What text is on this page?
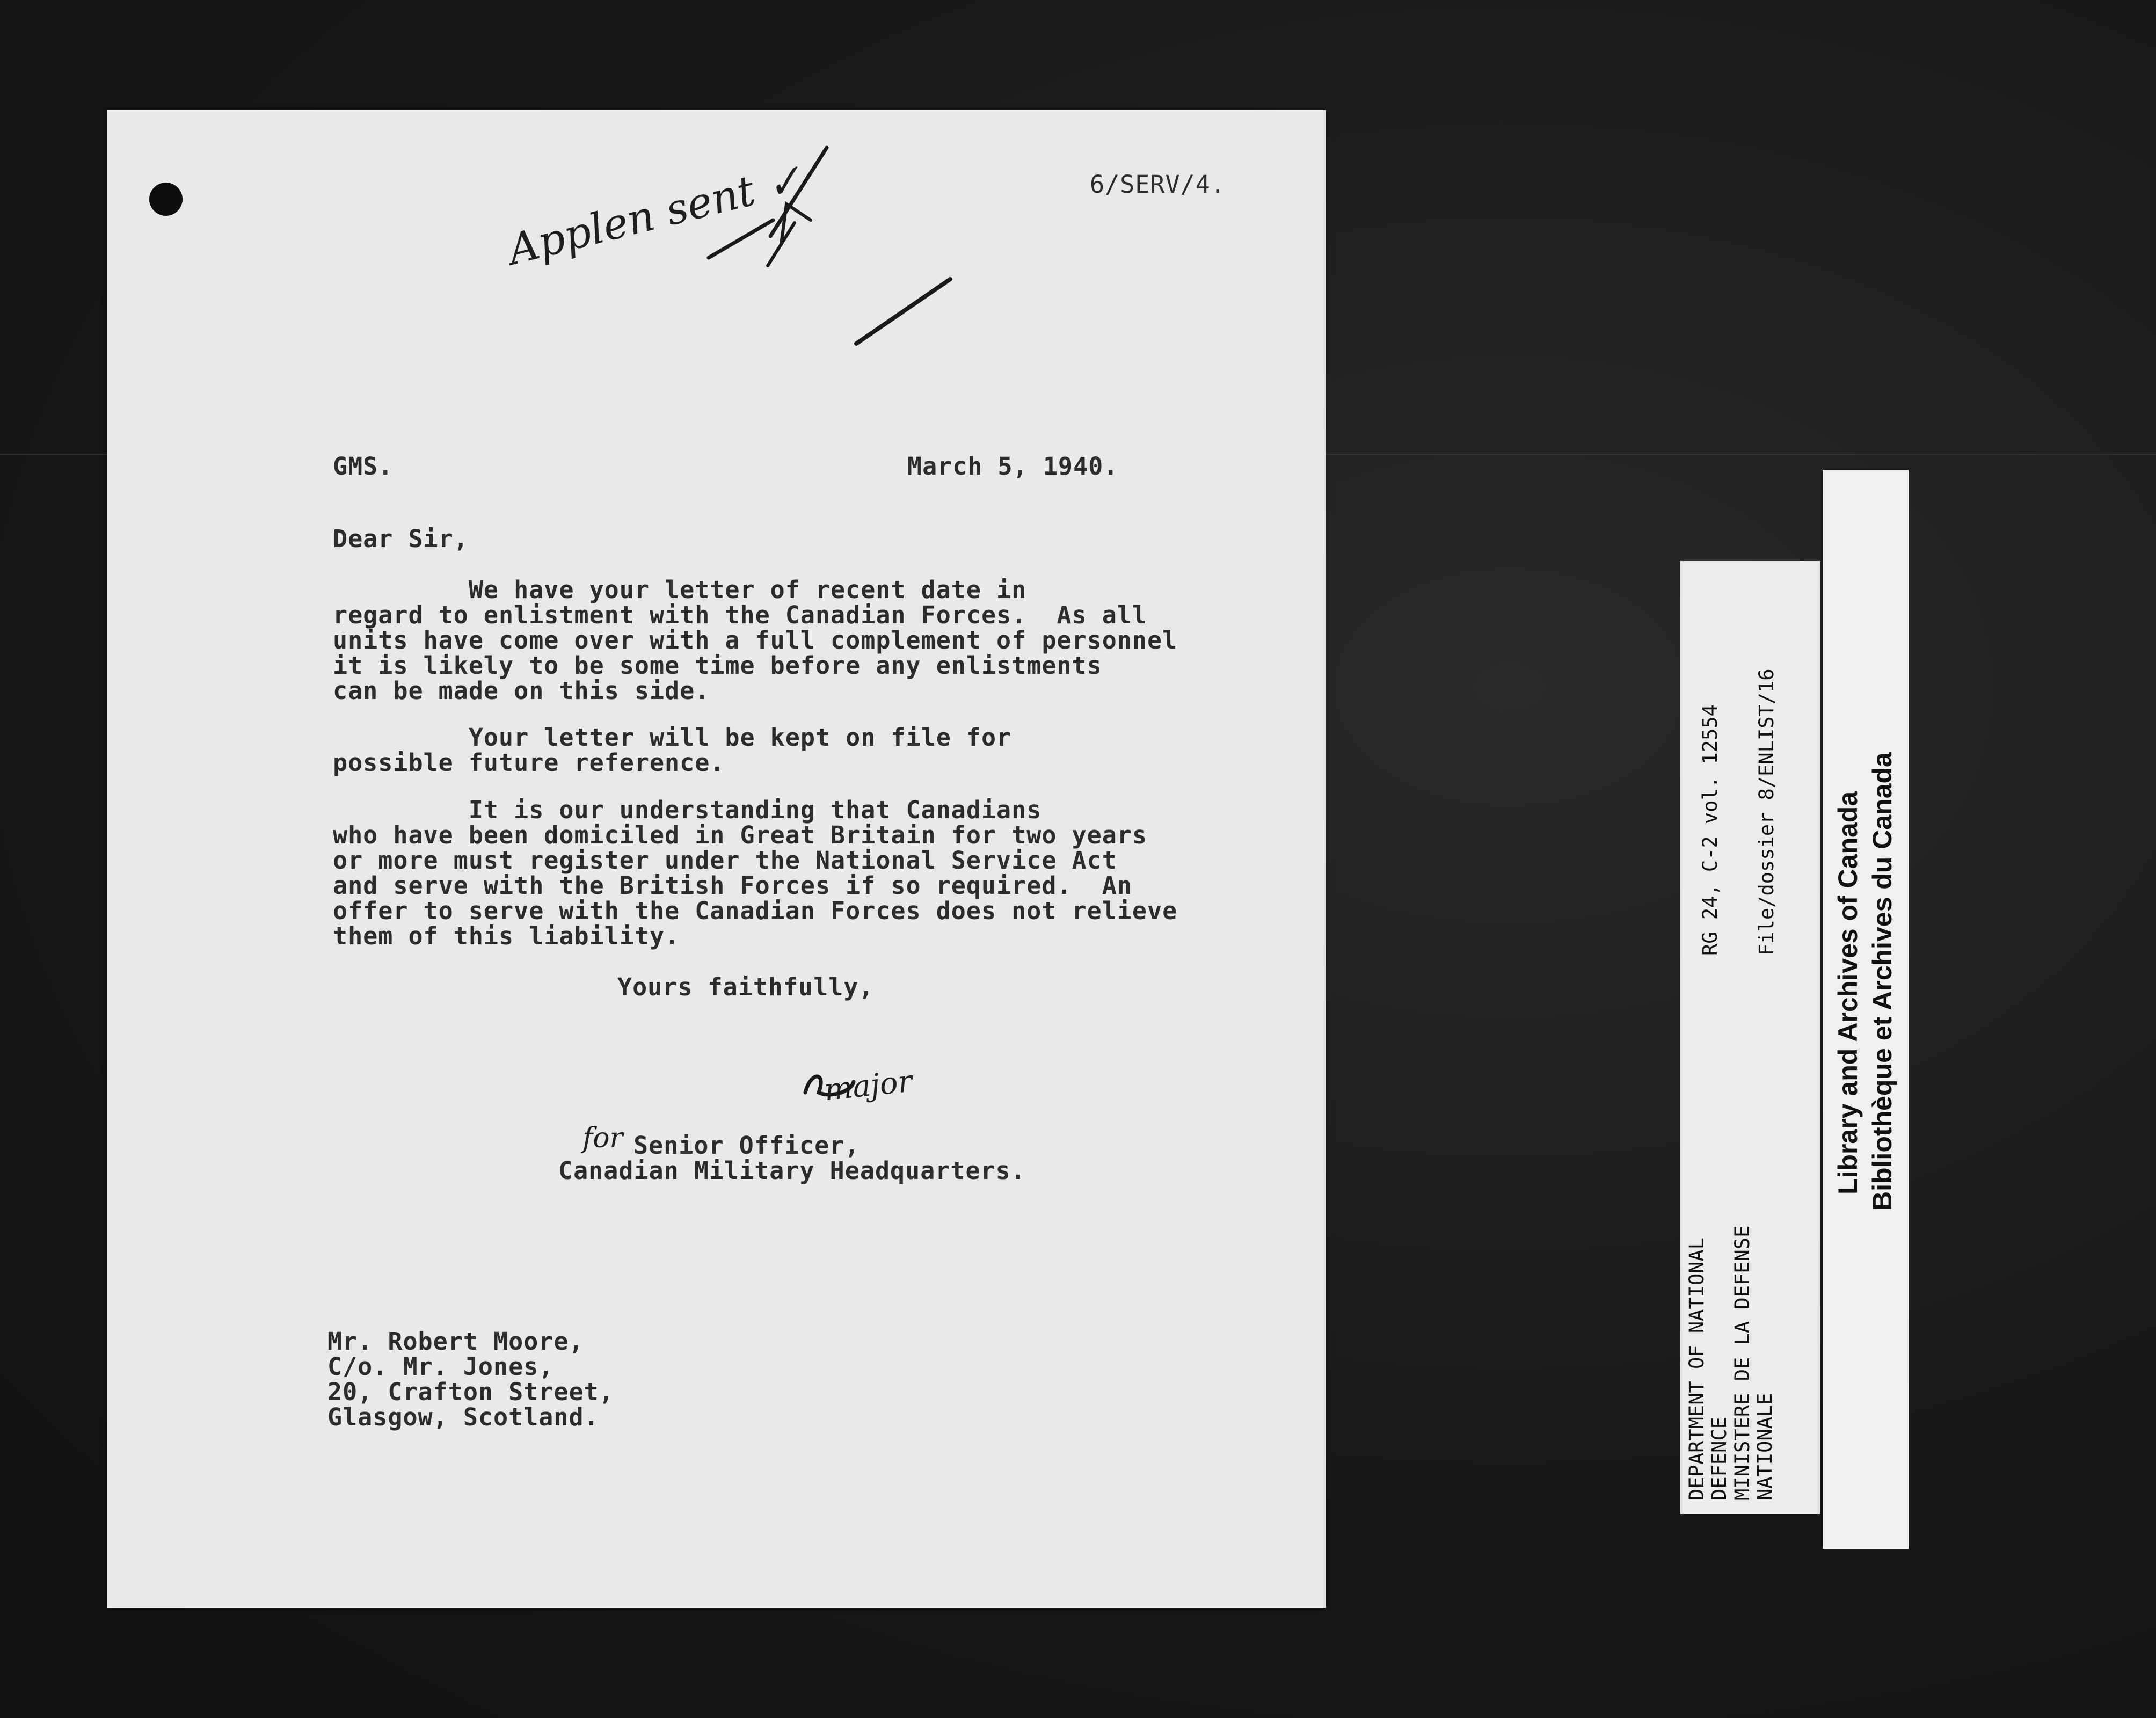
6/SERV/4.
Applen sent ✓
GMS.	March 5, 1940.
Dear Sir,
We have your letter of recent date in
regard to enlistment with the Canadian Forces.  As all
units have come over with a full complement of personnel
it is likely to be some time before any enlistments
can be made on this side.
Your letter will be kept on file for
possible future reference.
It is our understanding that Canadians
who have been domiciled in Great Britain for two years
or more must register under the National Service Act
and serve with the British Forces if so required.  An
offer to serve with the Canadian Forces does not relieve
them of this liability.
Yours faithfully,
major
for Senior Officer,
Canadian Military Headquarters.
Mr. Robert Moore,
C/o. Mr. Jones,
20, Crafton Street,
Glasgow, Scotland.	DEPARTMENT OF NATIONAL
DEFENCE MINISTERE DE LA DEFENSE
NATIONALE
RG 24, C-2 vol. 12554 File/dossier 8/ENLIST/16 Library and Archives of Canada Bibliothèque et Archives du Canada
